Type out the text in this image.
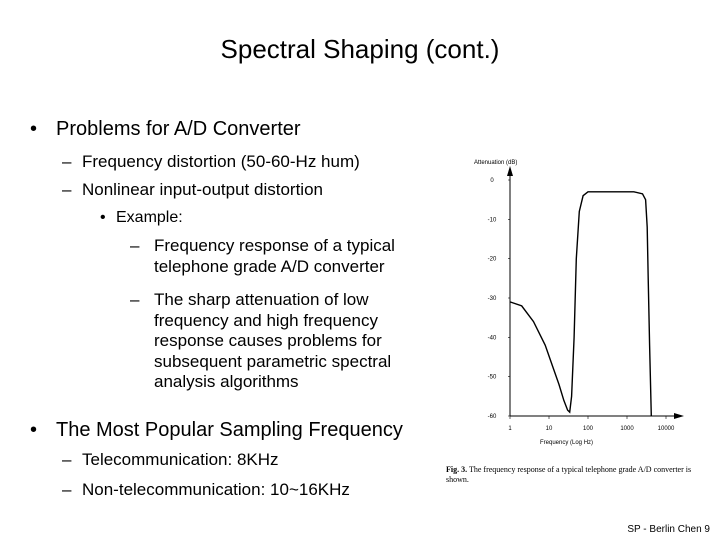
Spectral Shaping (cont.)
• Problems for A/D Converter
– Frequency distortion (50-60-Hz hum)
– Nonlinear input-output distortion
• Example:
– Frequency response of a typical telephone grade A/D converter
– The sharp attenuation of low frequency and high frequency response causes problems for subsequent parametric spectral analysis algorithms
• The Most Popular Sampling Frequency
– Telecommunication: 8KHz
– Non-telecommunication: 10~16KHz
Attenuation (dB)
Frequency (Log Hz)
0
-10
-20
-30
-40
-50
-60
1	10	100	1000	10000
Fig. 3. The frequency response of a typical telephone grade A/D converter is shown.
SP - Berlin Chen 9
